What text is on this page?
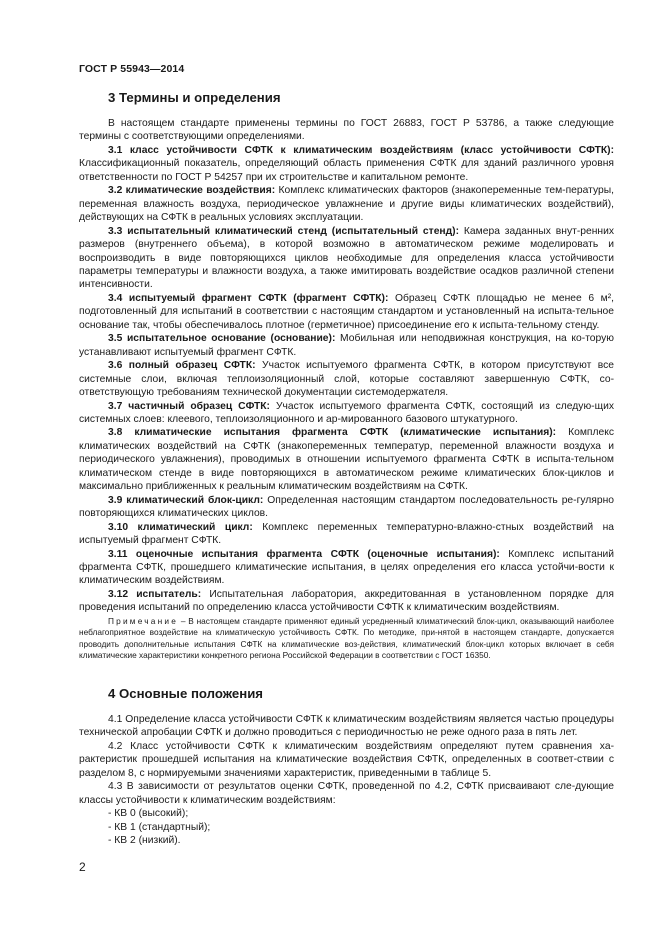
ГОСТ Р 55943—2014
3 Термины и определения

В настоящем стандарте применены термины по ГОСТ 26883, ГОСТ Р 53786, а также следующие термины с соответствующими определениями.

3.1 класс устойчивости СФТК к климатическим воздействиям (класс устойчивости СФТК): Классификационный показатель, определяющий область применения СФТК для зданий различного уровня ответственности по ГОСТ Р 54257 при их строительстве и капитальном ремонте.

3.2 климатические воздействия: Комплекс климатических факторов (знакопеременные тем-пературы, переменная влажность воздуха, периодическое увлажнение и другие виды климатических воздействий), действующих на СФТК в реальных условиях эксплуатации.

3.3 испытательный климатический стенд (испытательный стенд): Камера заданных внут-ренних размеров (внутреннего объема), в которой возможно в автоматическом режиме моделировать и воспроизводить в виде повторяющихся циклов необходимые для определения класса устойчивости параметры температуры и влажности воздуха, а также имитировать воздействие осадков различной степени интенсивности.

3.4 испытуемый фрагмент СФТК (фрагмент СФТК): Образец СФТК площадью не менее 6 м², подготовленный для испытаний в соответствии с настоящим стандартом и установленный на испыта-тельное основание так, чтобы обеспечивалось плотное (герметичное) присоединение его к испыта-тельному стенду.

3.5 испытательное основание (основание): Мобильная или неподвижная конструкция, на ко-торую устанавливают испытуемый фрагмент СФТК.

3.6 полный образец СФТК: Участок испытуемого фрагмента СФТК, в котором присутствуют все системные слои, включая теплоизоляционный слой, которые составляют завершенную СФТК, со-ответствующую требованиям технической документации системодержателя.

3.7 частичный образец СФТК: Участок испытуемого фрагмента СФТК, состоящий из следую-щих системных слоев: клеевого, теплоизоляционного и ар-мированного базового штукатурного.

3.8 климатические испытания фрагмента СФТК (климатические испытания): Комплекс климатических воздействий на СФТК (знакопеременных температур, переменной влажности воздуха и периодического увлажнения), проводимых в отношении испытуемого фрагмента СФТК в испыта-тельном климатическом стенде в виде повторяющихся в автоматическом режиме климатических блок-циклов и максимально приближенных к реальным климатическим воздействиям на СФТК.

3.9 климатический блок-цикл: Определенная настоящим стандартом последовательность ре-гулярно повторяющихся климатических циклов.

3.10 климатический цикл: Комплекс переменных температурно-влажно-стных воздействий на испытуемый фрагмент СФТК.

3.11 оценочные испытания фрагмента СФТК (оценочные испытания): Комплекс испытаний фрагмента СФТК, прошедшего климатические испытания, в целях определения его класса устойчи-вости к климатическим воздействиям.

3.12 испытатель: Испытательная лаборатория, аккредитованная в установленном порядке для проведения испытаний по определению класса устойчивости СФТК к климатическим воздействиям.

Примечание – В настоящем стандарте применяют единый усредненный климатический блок-цикл, оказывающий наиболее неблагоприятное воздействие на климатическую устойчивость СФТК. По методике, при-нятой в настоящем стандарте, допускается проводить дополнительные испытания СФТК на климатические воз-действия, климатический блок-цикл которых включает в себя климатические характеристики конкретного региона Российской Федерации в соответствии с ГОСТ 16350.

4 Основные положения

4.1 Определение класса устойчивости СФТК к климатическим воздействиям является частью процедуры технической апробации СФТК и должно проводиться с периодичностью не реже одного раза в пять лет.

4.2 Класс устойчивости СФТК к климатическим воздействиям определяют путем сравнения ха-рактеристик прошедшей испытания на климатические воздействия СФТК, определенных в соответ-ствии с разделом 8, с нормируемыми значениями характеристик, приведенными в таблице 5.

4.3 В зависимости от результатов оценки СФТК, проведенной по 4.2, СФТК присваивают сле-дующие классы устойчивости к климатическим воздействиям:

- КВ 0 (высокий);
- КВ 1 (стандартный);
- КВ 2 (низкий).
2
